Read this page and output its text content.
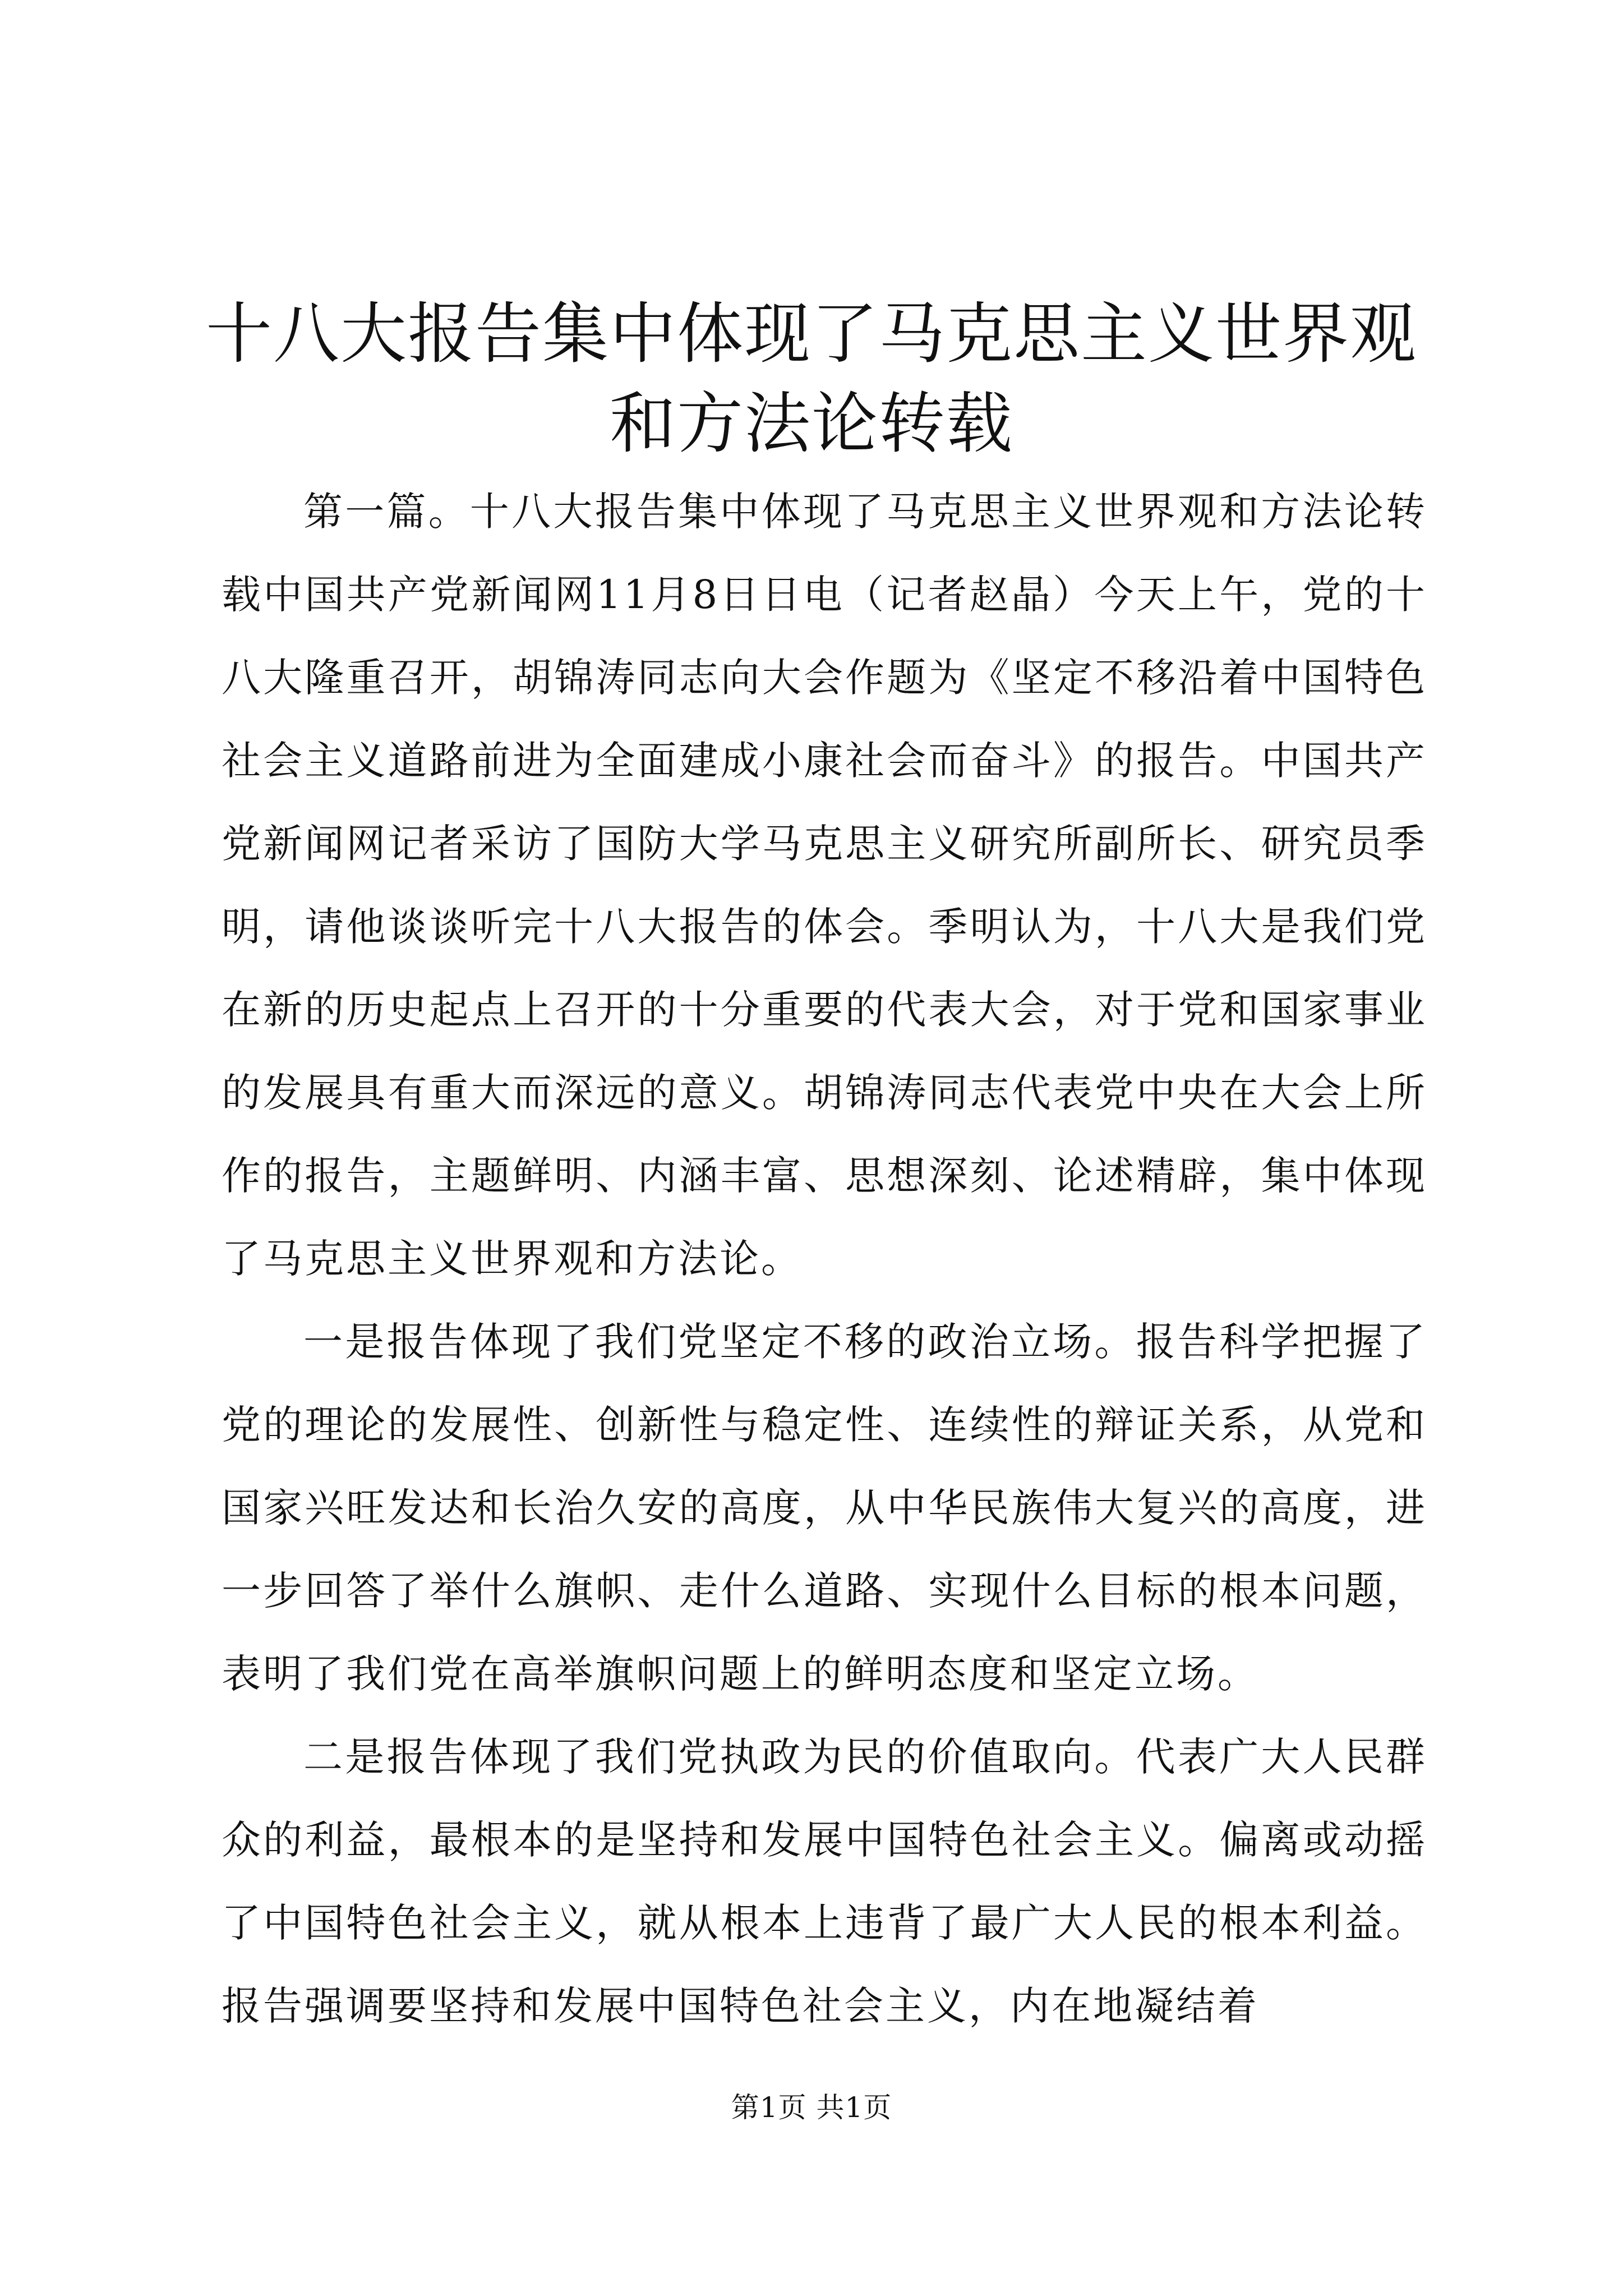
十八大报告集中体现了马克思主义世界观和方法论转载

第一篇。十八大报告集中体现了马克思主义世界观和方法论转载中国共产党新闻网11月8日日电（记者赵晶）今天上午，党的十八大隆重召开，胡锦涛同志向大会作题为《坚定不移沿着中国特色社会主义道路前进为全面建成小康社会而奋斗》的报告。中国共产党新闻网记者采访了国防大学马克思主义研究所副所长、研究员季明，请他谈谈听完十八大报告的体会。季明认为，十八大是我们党在新的历史起点上召开的十分重要的代表大会，对于党和国家事业的发展具有重大而深远的意义。胡锦涛同志代表党中央在大会上所作的报告，主题鲜明、内涵丰富、思想深刻、论述精辟，集中体现了马克思主义世界观和方法论。

一是报告体现了我们党坚定不移的政治立场。报告科学把握了党的理论的发展性、创新性与稳定性、连续性的辩证关系，从党和国家兴旺发达和长治久安的高度，从中华民族伟大复兴的高度，进一步回答了举什么旗帜、走什么道路、实现什么目标的根本问题，表明了我们党在高举旗帜问题上的鲜明态度和坚定立场。

二是报告体现了我们党执政为民的价值取向。代表广大人民群众的利益，最根本的是坚持和发展中国特色社会主义。偏离或动摇了中国特色社会主义，就从根本上违背了最广大人民的根本利益。报告强调要坚持和发展中国特色社会主义，内在地凝结着

第1页 共1页
